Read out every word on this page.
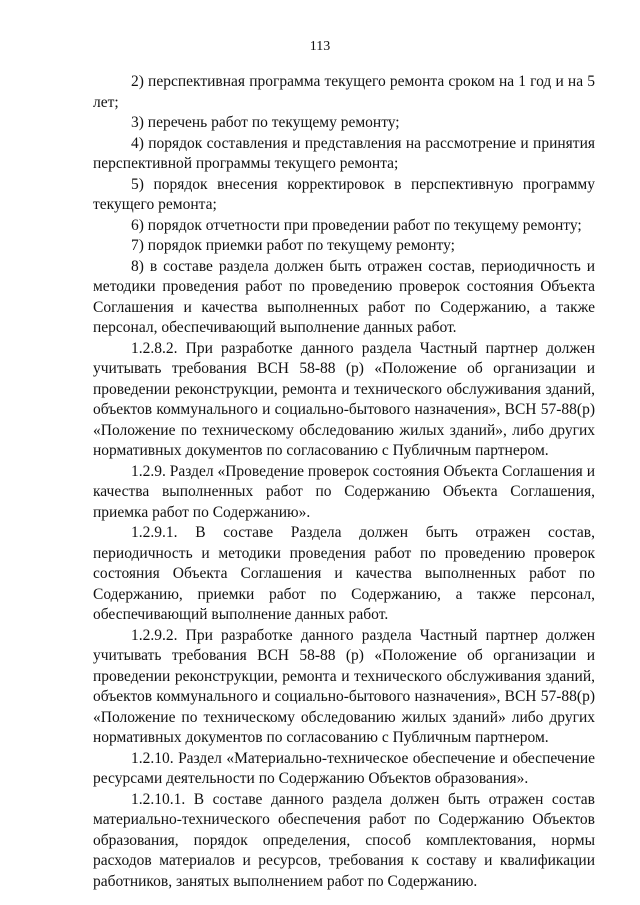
113

2) перспективная программа текущего ремонта сроком на 1 год и на 5 лет;

3) перечень работ по текущему ремонту;

4) порядок составления и представления на рассмотрение и принятия перспективной программы текущего ремонта;

5) порядок внесения корректировок в перспективную программу текущего ремонта;

6) порядок отчетности при проведении работ по текущему ремонту;

7) порядок приемки работ по текущему ремонту;

8) в составе раздела должен быть отражен состав, периодичность и методики проведения работ по проведению проверок состояния Объекта Соглашения и качества выполненных работ по Содержанию, а также персонал, обеспечивающий выполнение данных работ.

1.2.8.2. При разработке данного раздела Частный партнер должен учитывать требования ВСН 58-88 (р) «Положение об организации и проведении реконструкции, ремонта и технического обслуживания зданий, объектов коммунального и социально-бытового назначения», ВСН 57-88(р) «Положение по техническому обследованию жилых зданий», либо других нормативных документов по согласованию с Публичным партнером.

1.2.9. Раздел «Проведение проверок состояния Объекта Соглашения и качества выполненных работ по Содержанию Объекта Соглашения, приемка работ по Содержанию».

1.2.9.1. В составе Раздела должен быть отражен состав, периодичность и методики проведения работ по проведению проверок состояния Объекта Соглашения и качества выполненных работ по Содержанию, приемки работ по Содержанию, а также персонал, обеспечивающий выполнение данных работ.

1.2.9.2. При разработке данного раздела Частный партнер должен учитывать требования ВСН 58-88 (р) «Положение об организации и проведении реконструкции, ремонта и технического обслуживания зданий, объектов коммунального и социально-бытового назначения», ВСН 57-88(р) «Положение по техническому обследованию жилых зданий» либо других нормативных документов по согласованию с Публичным партнером.

1.2.10. Раздел «Материально-техническое обеспечение и обеспечение ресурсами деятельности по Содержанию Объектов образования».

1.2.10.1. В составе данного раздела должен быть отражен состав материально-технического обеспечения работ по Содержанию Объектов образования, порядок определения, способ комплектования, нормы расходов материалов и ресурсов, требования к составу и квалификации работников, занятых выполнением работ по Содержанию.
